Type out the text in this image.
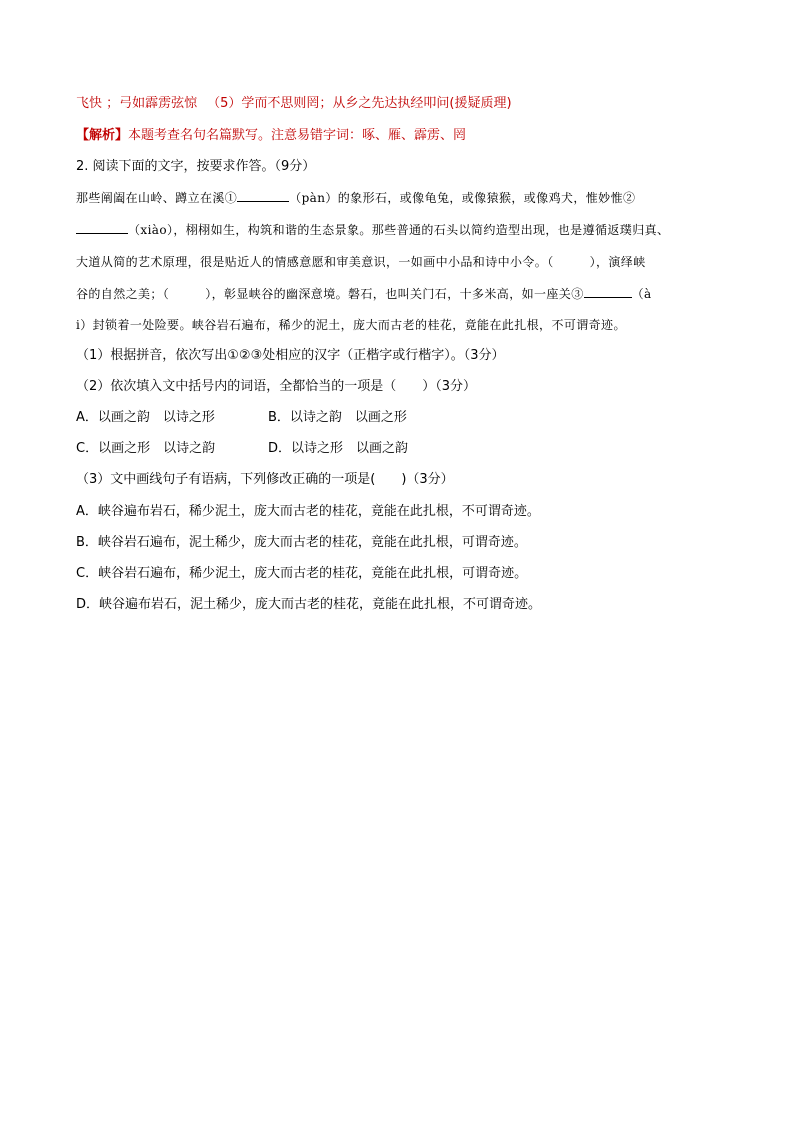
飞快 ；弓如霹雳弦惊 （5）学而不思则罔；从乡之先达执经叩问(援疑质理)
【解析】本题考查名句名篇默写。注意易错字词：啄、雁、霹雳、罔
2. 阅读下面的文字，按要求作答。（9分）
那些阐阖在山岭、蹲立在溪①	（pàn）的象形石，或像龟兔，或像猿猴，或像鸡犬，惟妙惟②
（xiào），栩栩如生，构筑和谐的生态景象。那些普通的石头以简约造型出现，也是遵循返璞归真、
大道从简的艺术原理，很是贴近人的情感意愿和审美意识，一如画中小品和诗中小令。（	），演绎峡
谷的自然之美；（	），彰显峡谷的幽深意境。磐石，也叫关门石，十多米高，如一座关③	（à
i）封锁着一处险要。峡谷岩石遍布，稀少的泥土，庞大而古老的桂花，竟能在此扎根，不可谓奇迹。
（1）根据拼音，依次写出①②③处相应的汉字（正楷字或行楷字）。（3分）
（2）依次填入文中括号内的词语，全都恰当的一项是（　　）（3分）
A．以画之韵　以诗之形	B．以诗之韵　以画之形
C．以画之形　以诗之韵	D．以诗之形　以画之韵
（3）文中画线句子有语病，下列修改正确的一项是(　　)（3分）
A．峡谷遍布岩石，稀少泥土，庞大而古老的桂花，竟能在此扎根，不可谓奇迹。
B．峡谷岩石遍布，泥土稀少，庞大而古老的桂花，竟能在此扎根，可谓奇迹。
C．峡谷岩石遍布，稀少泥土，庞大而古老的桂花，竟能在此扎根，可谓奇迹。
D．峡谷遍布岩石，泥土稀少，庞大而古老的桂花，竟能在此扎根，不可谓奇迹。
